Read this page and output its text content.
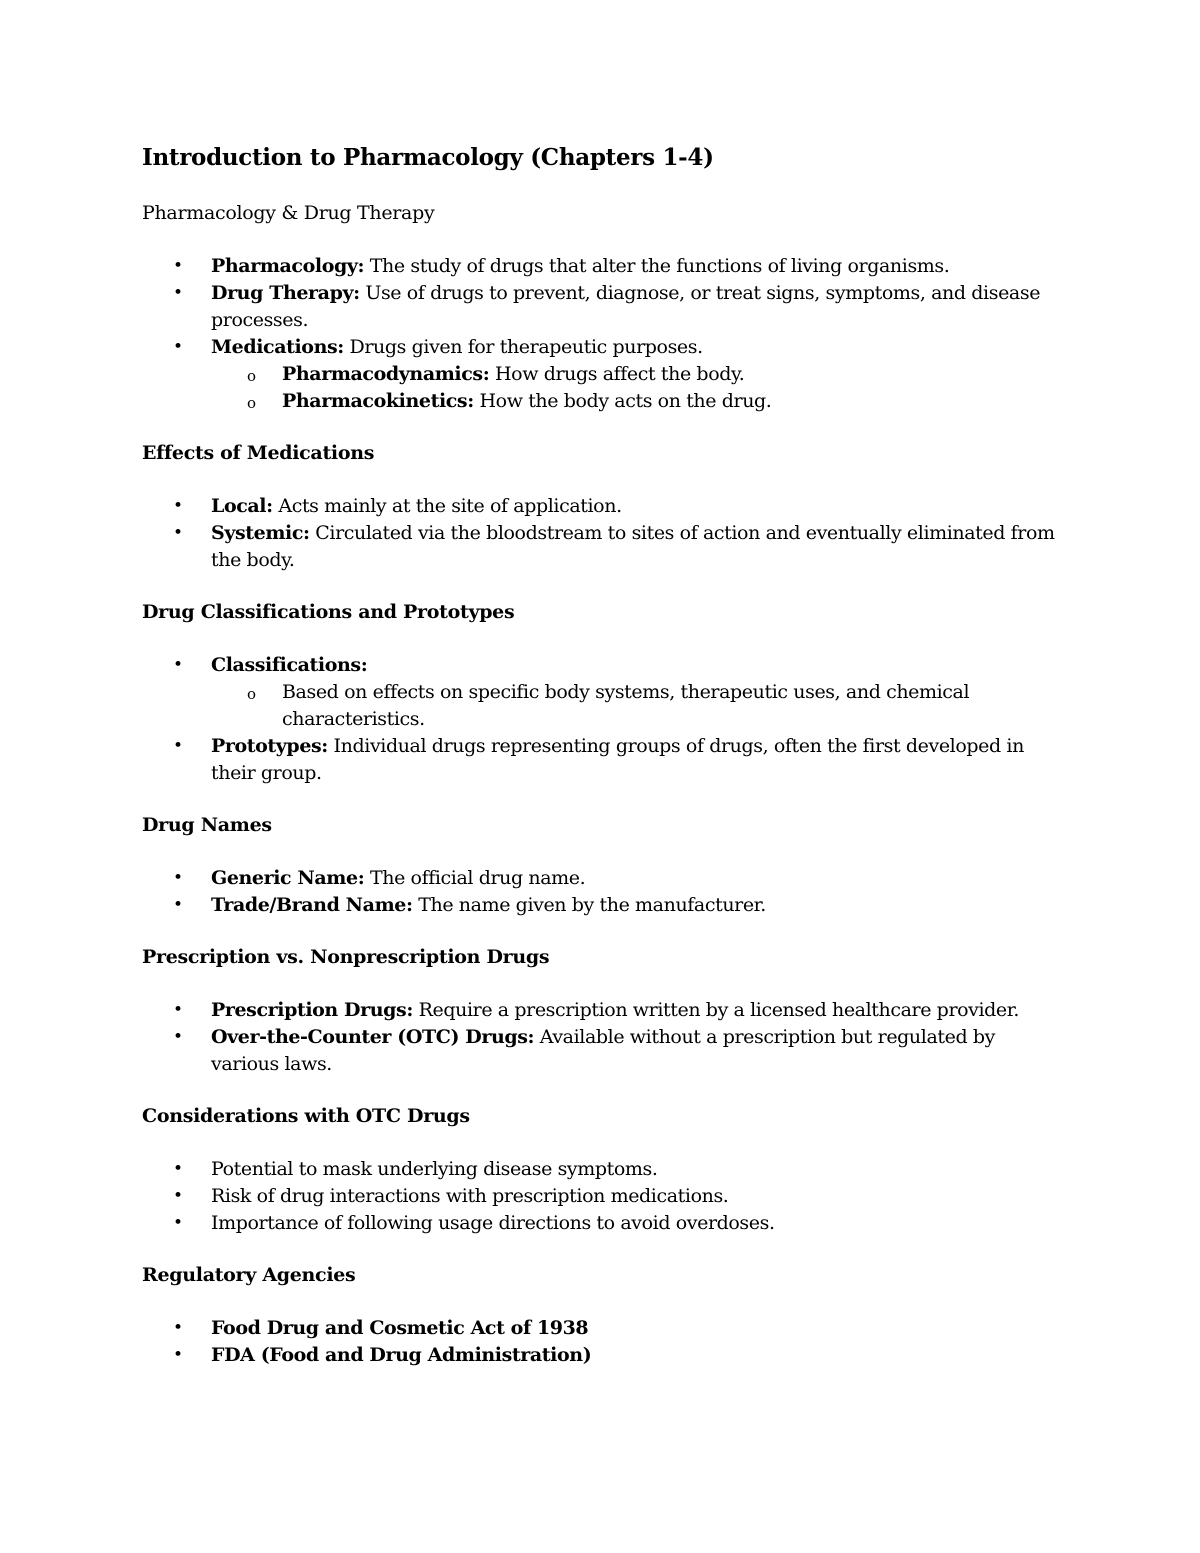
Introduction to Pharmacology (Chapters 1-4)
Pharmacology & Drug Therapy
• Pharmacology: The study of drugs that alter the functions of living organisms.
• Drug Therapy: Use of drugs to prevent, diagnose, or treat signs, symptoms, and disease processes.
• Medications: Drugs given for therapeutic purposes.
o Pharmacodynamics: How drugs affect the body.
o Pharmacokinetics: How the body acts on the drug.
Effects of Medications
• Local: Acts mainly at the site of application.
• Systemic: Circulated via the bloodstream to sites of action and eventually eliminated from the body.
Drug Classifications and Prototypes
• Classifications:
o Based on effects on specific body systems, therapeutic uses, and chemical characteristics.
• Prototypes: Individual drugs representing groups of drugs, often the first developed in their group.
Drug Names
• Generic Name: The official drug name.
• Trade/Brand Name: The name given by the manufacturer.
Prescription vs. Nonprescription Drugs
• Prescription Drugs: Require a prescription written by a licensed healthcare provider.
• Over-the-Counter (OTC) Drugs: Available without a prescription but regulated by various laws.
Considerations with OTC Drugs
• Potential to mask underlying disease symptoms.
• Risk of drug interactions with prescription medications.
• Importance of following usage directions to avoid overdoses.
Regulatory Agencies
• Food Drug and Cosmetic Act of 1938
• FDA (Food and Drug Administration)
